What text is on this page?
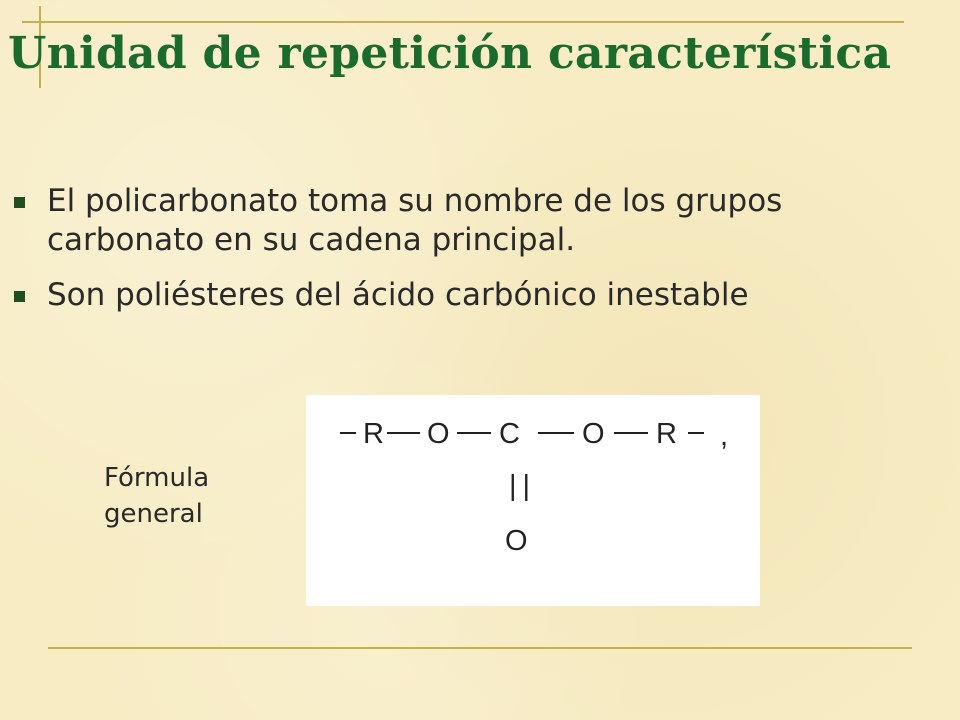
Unidad de repetición característica
El policarbonato toma su nombre de los grupos carbonato en su cadena principal.
Son poliésteres del ácido carbónico inestable
Fórmula general
R O C O R ,
||
O
